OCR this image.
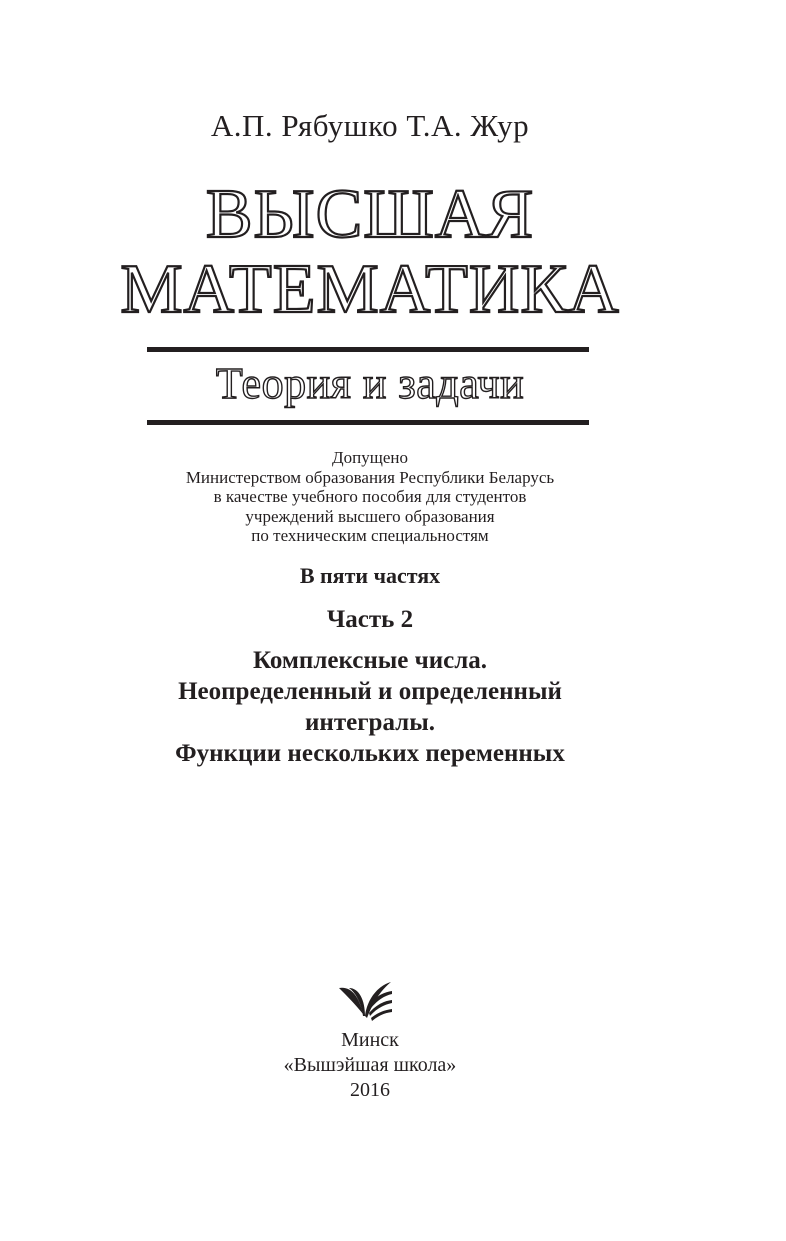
А.П. Рябушко Т.А. Жур
ВЫСШАЯ
МАТЕМАТИКА
Теория и задачи
Допущено
Министерством образования Республики Беларусь
в качестве учебного пособия для студентов
учреждений высшего образования
по техническим специальностям
В пяти частях
Часть 2
Комплексные числа.
Неопределенный и определенный
интегралы.
Функции нескольких переменных
Минск
«Вышэйшая школа»
2016
